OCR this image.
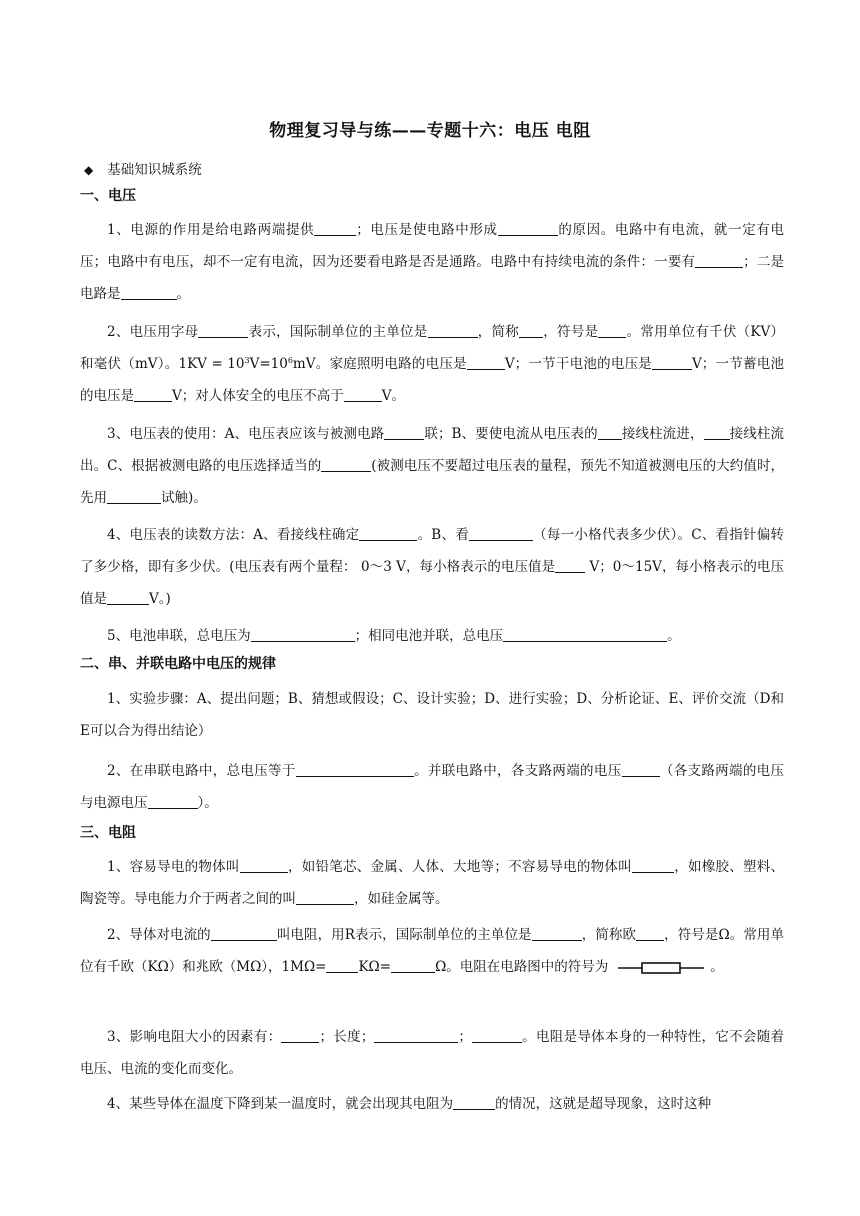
物理复习导与练——专题十六：电压 电阻
◆ 基础知识城系统
一、电压
1、电源的作用是给电路两端提供	；电压是使电路中形成	的原因。电路中有电流，就一定有电压；电路中有电压，却不一定有电流，因为还要看电路是否是通路。电路中有持续电流的条件：一要有	；二是电路是	。
2、电压用字母	表示，国际制单位的主单位是	，简称 ，符号是 。常用单位有千伏（KV）和毫伏（mV）。$1KV = 10^3V=10^6mV$。家庭照明电路的电压是	V；一节干电池的电压是	V；一节蓄电池的电压是	V；对人体安全的电压不高于	V。
3、电压表的使用：A、电压表应该与被测电路	联；B、要使电流从电压表的 接线柱流进， 接线柱流出。C、根据被测电路的电压选择适当的	(被测电压不要超过电压表的量程，预先不知道被测电压的大约值时，先用	试触)。
4、电压表的读数方法：A、看接线柱确定	。B、看	（每一小格代表多少伏）。C、看指针偏转了多少格，即有多少伏。(电压表有两个量程： 0～3 V，每小格表示的电压值是 V；0～15V，每小格表示的电压值是	V。)
5、电池串联，总电压为	；相同电池并联，总电压	。
二、串、并联电路中电压的规律
1、实验步骤：A、提出问题；B、猜想或假设；C、设计实验；D、进行实验；D、分析论证、E、评价交流（D和E可以合为得出结论）
2、在串联电路中，总电压等于	。并联电路中，各支路两端的电压	（各支路两端的电压与电源电压	）。
三、电阻
1、容易导电的物体叫	，如铅笔芯、金属、人体、大地等；不容易导电的物体叫	，如橡胶、塑料、陶瓷等。导电能力介于两者之间的叫	，如硅金属等。
2、导体对电流的	叫电阻，用R表示，国际制单位的主单位是	，简称欧 ，符号是Ω。常用单位有千欧（KΩ）和兆欧（MΩ），1MΩ= KΩ=	Ω。电阻在电路图中的符号为	。
3、影响电阻大小的因素有：	；长度；	；	。电阻是导体本身的一种特性，它不会随着电压、电流的变化而变化。
4、某些导体在温度下降到某一温度时，就会出现其电阻为	的情况，这就是超导现象，这时这种
